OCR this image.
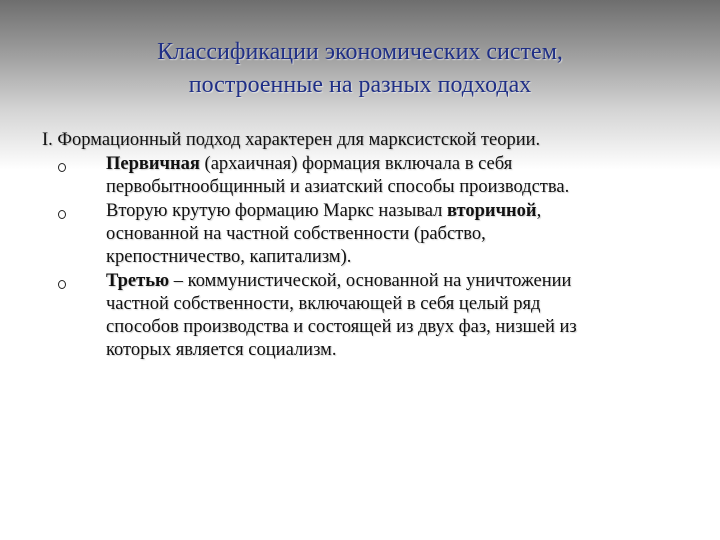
Классификации экономических систем,
построенные на разных подходах
I. Формационный подход характерен для марксистской теории.
Первичная (архаичная) формация включала в себя
первобытнообщинный и азиатский способы производства.
Вторую крутую формацию Маркс называл вторичной,
основанной на частной собственности (рабство,
крепостничество, капитализм).
Третью – коммунистической, основанной на уничтожении
частной собственности, включающей в себя целый ряд
способов производства и состоящей из двух фаз, низшей из
которых является социализм.
Назад
